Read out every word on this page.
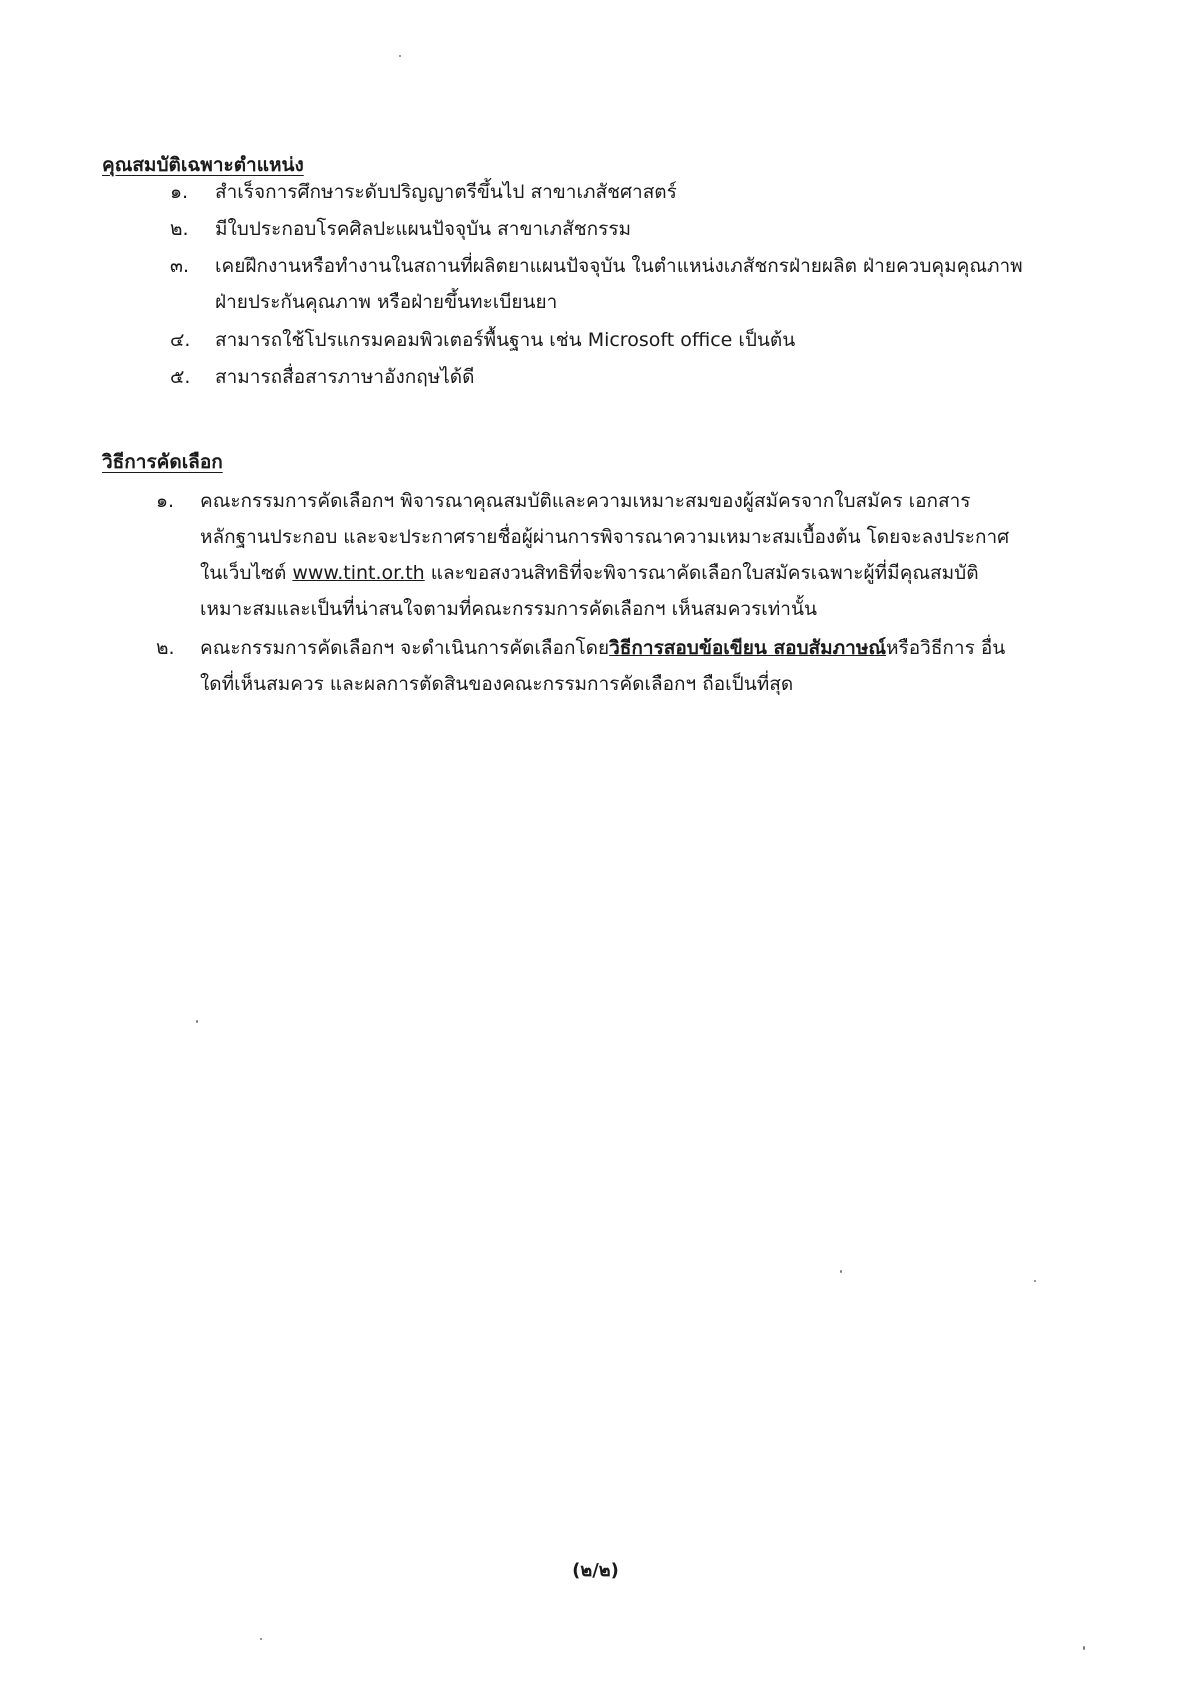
คุณสมบัติเฉพาะตำแหน่ง
๑.	สำเร็จการศึกษาระดับปริญญาตรีขึ้นไป สาขาเภสัชศาสตร์
๒.	มีใบประกอบโรคศิลปะแผนปัจจุบัน สาขาเภสัชกรรม
๓.	เคยฝึกงานหรือทำงานในสถานที่ผลิตยาแผนปัจจุบัน ในตำแหน่งเภสัชกรฝ่ายผลิต ฝ่ายควบคุมคุณภาพ
ฝ่ายประกันคุณภาพ หรือฝ่ายขึ้นทะเบียนยา
๔.	สามารถใช้โปรแกรมคอมพิวเตอร์พื้นฐาน เช่น Microsoft office เป็นต้น
๕.	สามารถสื่อสารภาษาอังกฤษได้ดี
วิธีการคัดเลือก
๑.	คณะกรรมการคัดเลือกฯ พิจารณาคุณสมบัติและความเหมาะสมของผู้สมัครจากใบสมัคร เอกสาร
หลักฐานประกอบ และจะประกาศรายชื่อผู้ผ่านการพิจารณาความเหมาะสมเบื้องต้น โดยจะลงประกาศ
ในเว็บไซต์ www.tint.or.th และขอสงวนสิทธิที่จะพิจารณาคัดเลือกใบสมัครเฉพาะผู้ที่มีคุณสมบัติ
เหมาะสมและเป็นที่น่าสนใจตามที่คณะกรรมการคัดเลือกฯ เห็นสมควรเท่านั้น
๒.	คณะกรรมการคัดเลือกฯ จะดำเนินการคัดเลือกโดยวิธีการสอบข้อเขียน สอบสัมภาษณ์หรือวิธีการ อื่น
ใดที่เห็นสมควร และผลการตัดสินของคณะกรรมการคัดเลือกฯ ถือเป็นที่สุด
(๒/๒)
